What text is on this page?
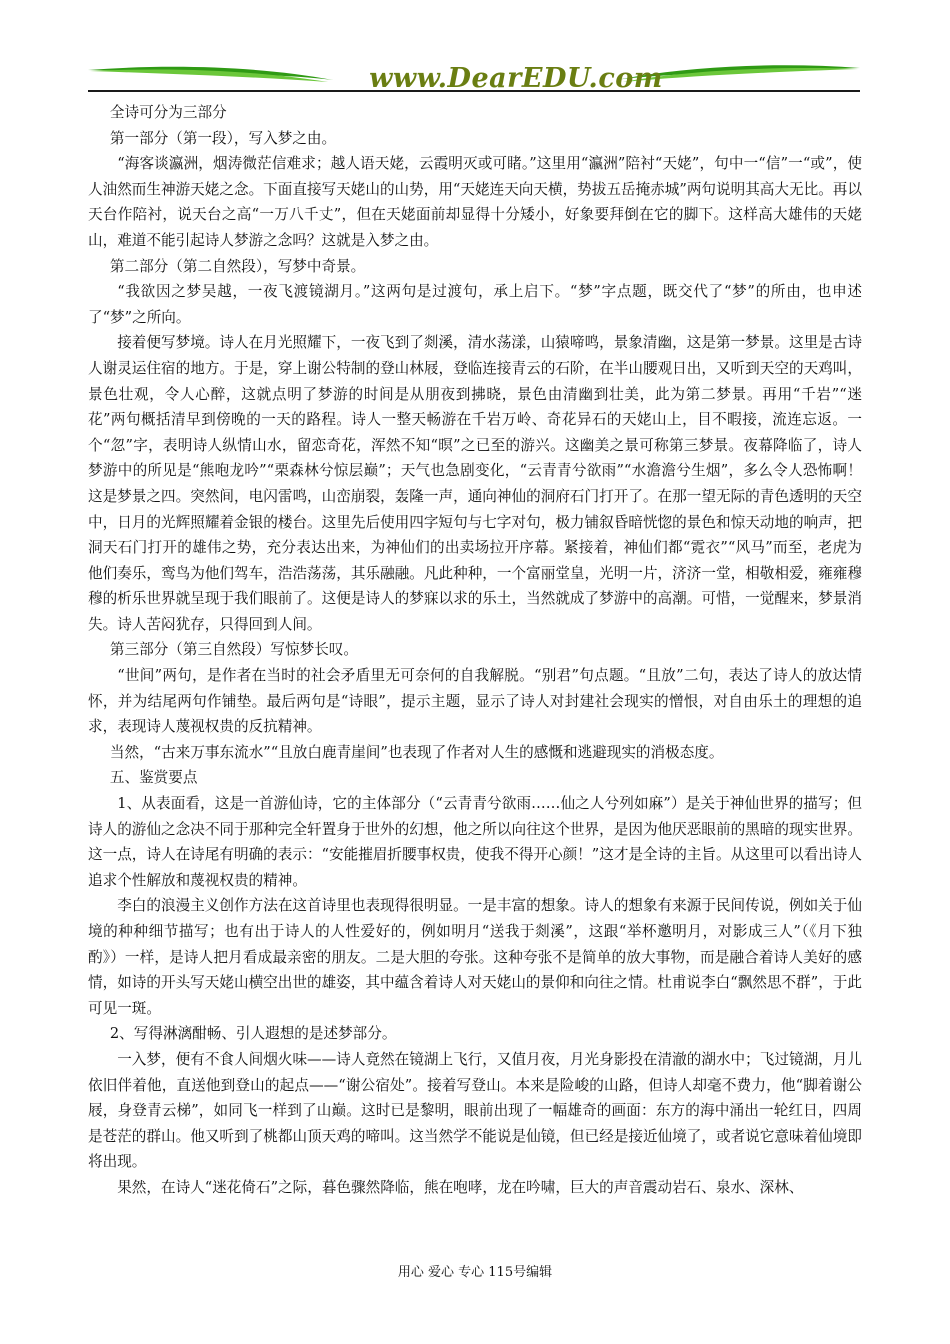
www.DearEDU.com

全诗可分为三部分

第一部分（第一段），写入梦之由。

“海客谈瀛洲，烟涛微茫信难求；越人语天姥，云霞明灭或可睹。”这里用“瀛洲”陪衬“天姥”，句中一“信”一“或”，使人油然而生神游天姥之念。下面直接写天姥山的山势，用“天姥连天向天横，势拔五岳掩赤城”两句说明其高大无比。再以天台作陪衬，说天台之高“一万八千丈”，但在天姥面前却显得十分矮小，好象要拜倒在它的脚下。这样高大雄伟的天姥山，难道不能引起诗人梦游之念吗？这就是入梦之由。

第二部分（第二自然段），写梦中奇景。

“我欲因之梦吴越，一夜飞渡镜湖月。”这两句是过渡句，承上启下。“梦”字点题，既交代了“梦”的所由，也申述了“梦”之所向。

接着便写梦境。诗人在月光照耀下，一夜飞到了剡溪，清水荡漾，山猿啼鸣，景象清幽，这是第一梦景。这里是古诗人谢灵运住宿的地方。于是，穿上谢公特制的登山林屐，登临连接青云的石阶，在半山腰观日出，又听到天空的天鸡叫，景色壮观，令人心醉，这就点明了梦游的时间是从朋夜到拂晓，景色由清幽到壮美，此为第二梦景。再用“千岩”“迷花”两句概括清早到傍晚的一天的路程。诗人一整天畅游在千岩万岭、奇花异石的天姥山上，目不暇接，流连忘返。一个“忽”字，表明诗人纵情山水，留恋奇花，浑然不知“暝”之已至的游兴。这幽美之景可称第三梦景。夜幕降临了，诗人梦游中的所见是“熊咆龙吟”“栗森林兮惊层巅”；天气也急剧变化，“云青青兮欲雨”“水澹澹兮生烟”，多么令人恐怖啊！这是梦景之四。突然间，电闪雷鸣，山峦崩裂，轰隆一声，通向神仙的洞府石门打开了。在那一望无际的青色透明的天空中，日月的光辉照耀着金银的楼台。这里先后使用四字短句与七字对句，极力铺叙昏暗恍惚的景色和惊天动地的响声，把洞天石门打开的雄伟之势，充分表达出来，为神仙们的出卖场拉开序幕。紧接着，神仙们都“霓衣”“风马”而至，老虎为他们奏乐，鸾鸟为他们驾车，浩浩荡荡，其乐融融。凡此种种，一个富丽堂皇，光明一片，济济一堂，相敬相爱，雍雍穆穆的析乐世界就呈现于我们眼前了。这便是诗人的梦寐以求的乐土，当然就成了梦游中的高潮。可惜，一觉醒来，梦景消失。诗人苦闷犹存，只得回到人间。

第三部分（第三自然段）写惊梦长叹。

“世间”两句，是作者在当时的社会矛盾里无可奈何的自我解脱。“别君”句点题。“且放”二句，表达了诗人的放达情怀，并为结尾两句作铺垫。最后两句是“诗眼”，提示主题，显示了诗人对封建社会现实的憎恨，对自由乐土的理想的追求，表现诗人蔑视权贵的反抗精神。

当然，“古来万事东流水”“且放白鹿青崖间”也表现了作者对人生的感慨和逃避现实的消极态度。

五、鉴赏要点

1、从表面看，这是一首游仙诗，它的主体部分（“云青青兮欲雨……仙之人兮列如麻”）是关于神仙世界的描写；但诗人的游仙之念决不同于那种完全轩置身于世外的幻想，他之所以向往这个世界，是因为他厌恶眼前的黑暗的现实世界。这一点，诗人在诗尾有明确的表示：“安能摧眉折腰事权贵，使我不得开心颜！”这才是全诗的主旨。从这里可以看出诗人追求个性解放和蔑视权贵的精神。

李白的浪漫主义创作方法在这首诗里也表现得很明显。一是丰富的想象。诗人的想象有来源于民间传说，例如关于仙境的种种细节描写；也有出于诗人的人性爱好的，例如明月“送我于剡溪”，这跟“举杯邀明月，对影成三人”（《月下独酌》）一样，是诗人把月看成最亲密的朋友。二是大胆的夸张。这种夸张不是简单的放大事物，而是融合着诗人美好的感情，如诗的开头写天姥山横空出世的雄姿，其中蕴含着诗人对天姥山的景仰和向往之情。杜甫说李白“飘然思不群”，于此可见一斑。

2、写得淋漓酣畅、引人遐想的是述梦部分。

一入梦，便有不食人间烟火味——诗人竟然在镜湖上飞行，又值月夜，月光身影投在清澈的湖水中；飞过镜湖，月儿依旧伴着他，直送他到登山的起点——“谢公宿处”。接着写登山。本来是险峻的山路，但诗人却毫不费力，他“脚着谢公屐，身登青云梯”，如同飞一样到了山巅。这时已是黎明，眼前出现了一幅雄奇的画面：东方的海中涌出一轮红日，四周是苍茫的群山。他又听到了桃都山顶天鸡的啼叫。这当然学不能说是仙镜，但已经是接近仙境了，或者说它意味着仙境即将出现。

果然，在诗人“迷花倚石”之际，暮色骤然降临，熊在咆哮，龙在吟啸，巨大的声音震动岩石、泉水、深林、

用心 爱心 专心 115号编辑
